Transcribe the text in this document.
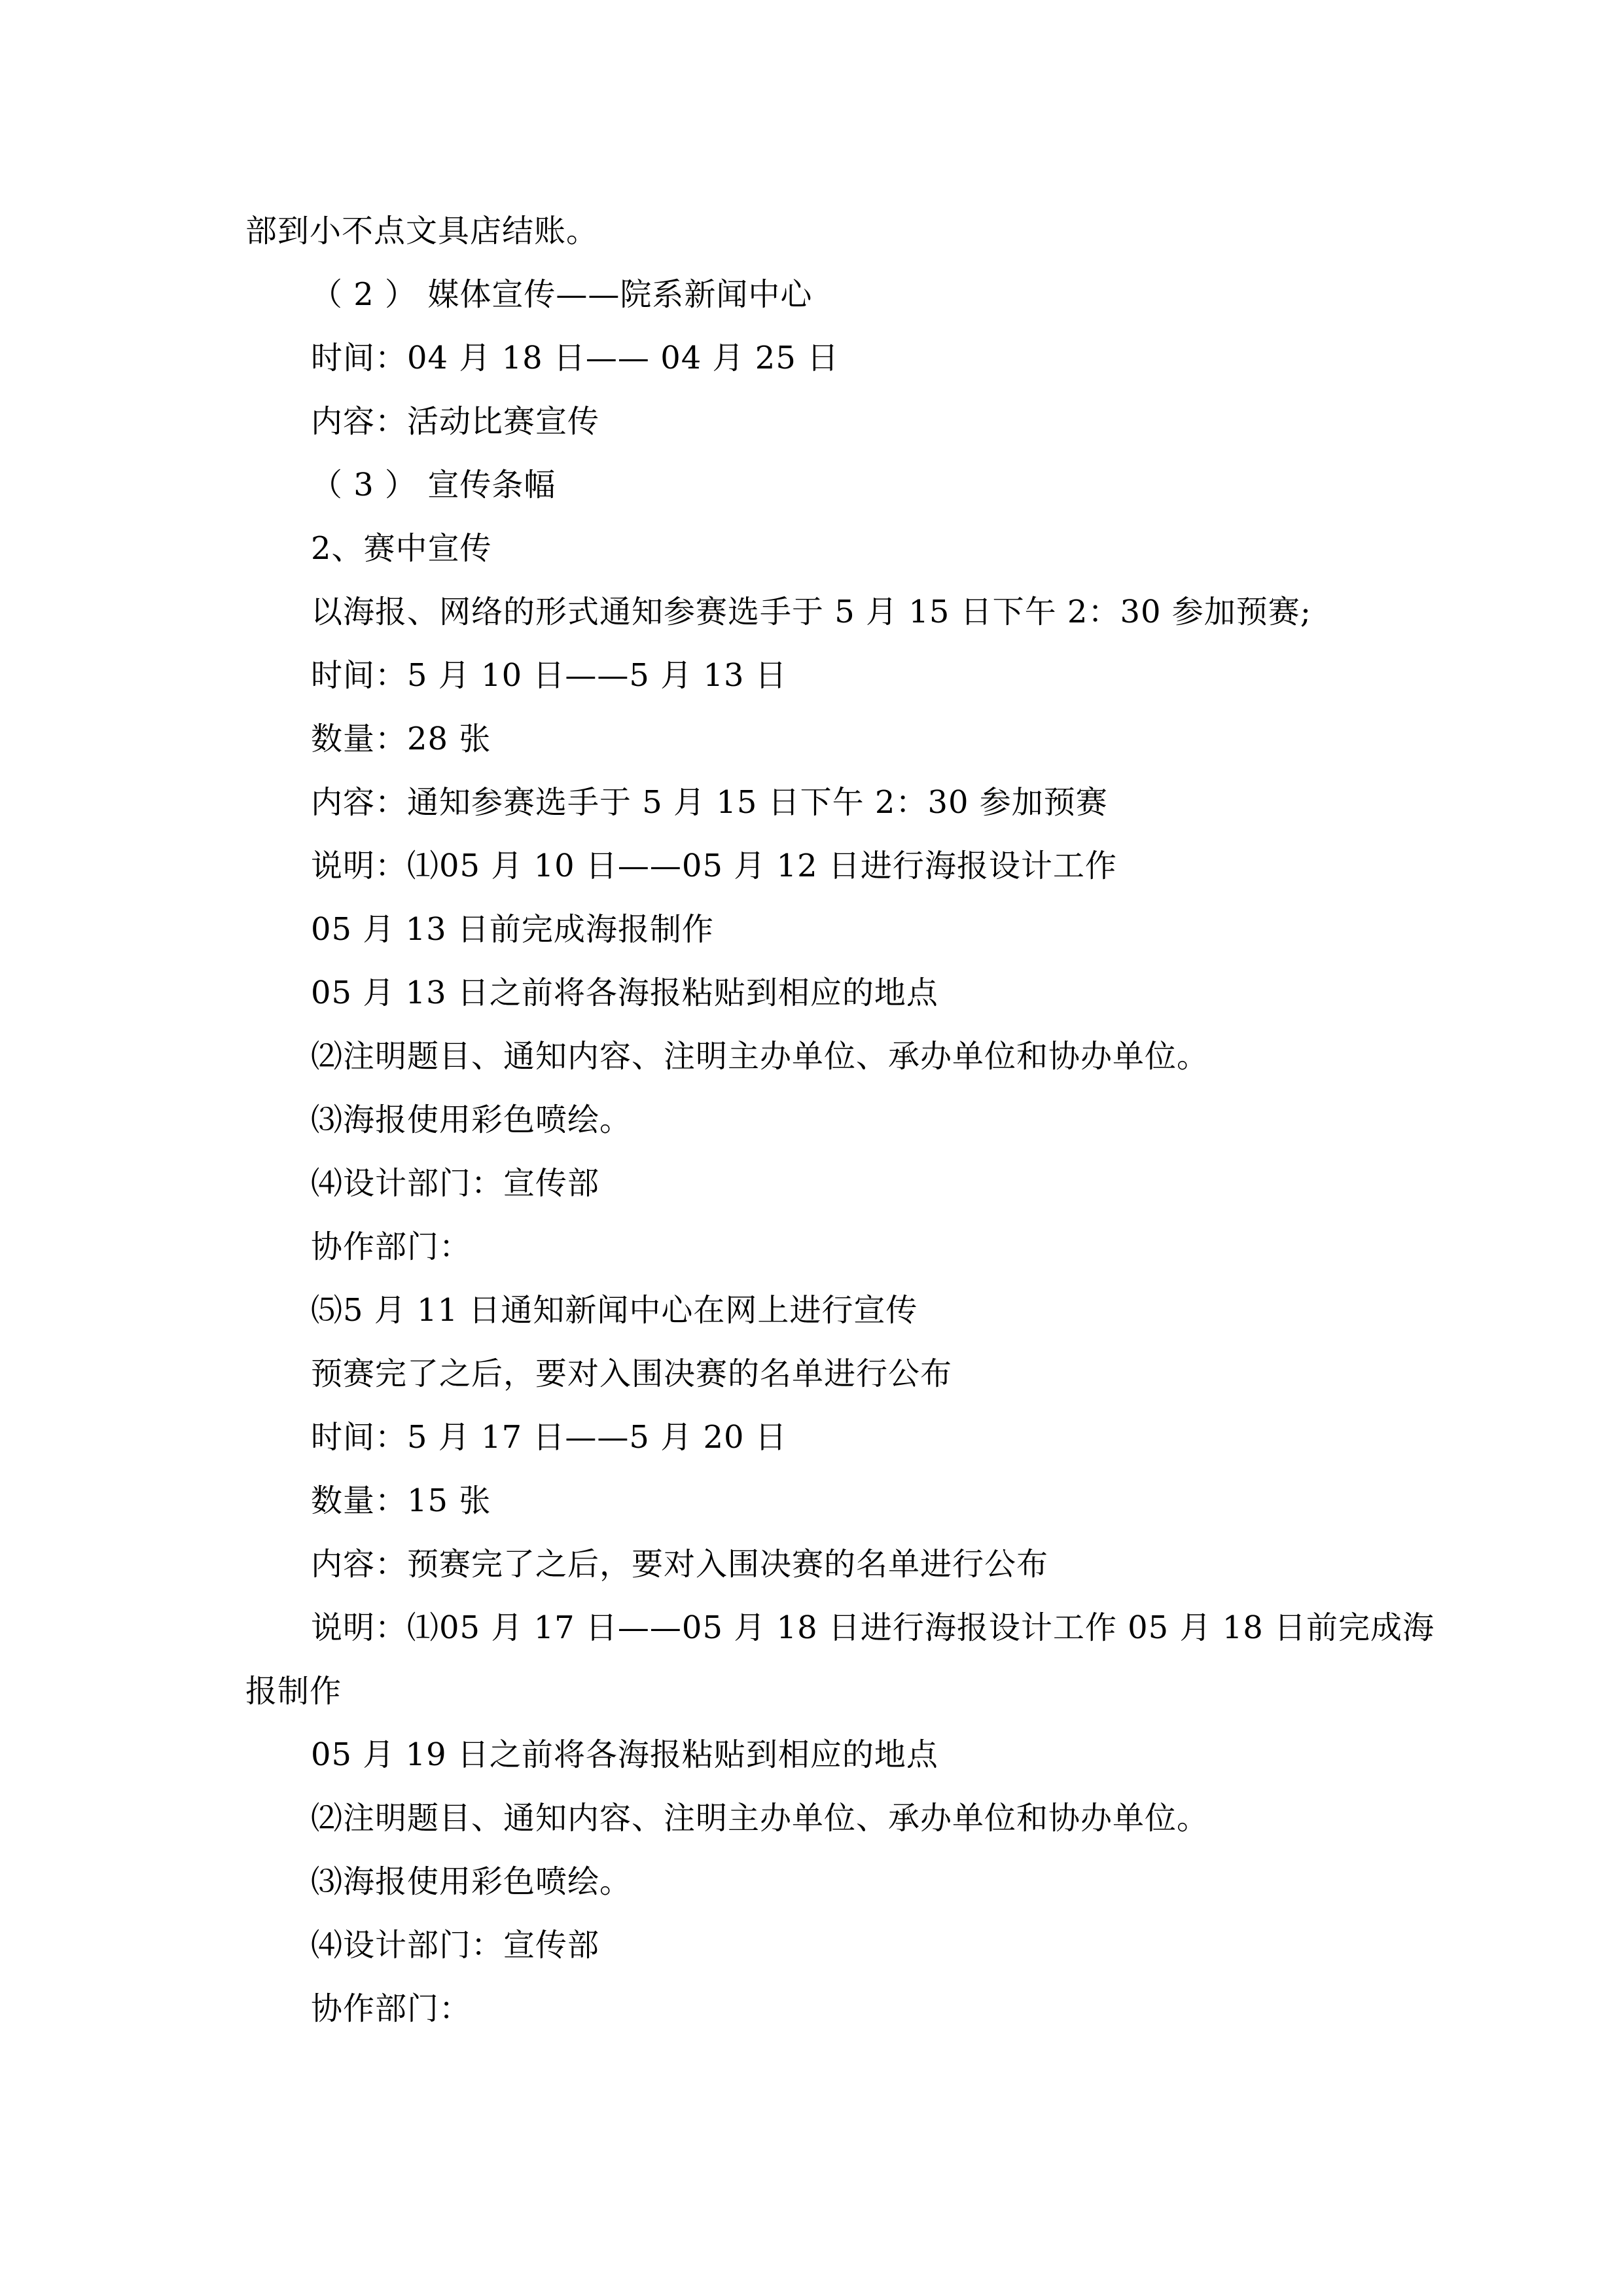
部到小不点文具店结账。
（ 2 ） 媒体宣传——院系新闻中心
时间：04 月 18 日—— 04 月 25 日
内容：活动比赛宣传
（ 3 ） 宣传条幅
2、赛中宣传
以海报、网络的形式通知参赛选手于 5 月 15 日下午 2：30 参加预赛;
时间：5 月 10 日——5 月 13 日
数量：28 张
内容：通知参赛选手于 5 月 15 日下午 2：30 参加预赛
说明：⑴05 月 10 日——05 月 12 日进行海报设计工作
05 月 13 日前完成海报制作
05 月 13 日之前将各海报粘贴到相应的地点
⑵注明题目、通知内容、注明主办单位、承办单位和协办单位。
⑶海报使用彩色喷绘。
⑷设计部门：宣传部
协作部门：
⑸5 月 11 日通知新闻中心在网上进行宣传
预赛完了之后，要对入围决赛的名单进行公布
时间：5 月 17 日——5 月 20 日
数量：15 张
内容：预赛完了之后，要对入围决赛的名单进行公布
说明：⑴05 月 17 日——05 月 18 日进行海报设计工作 05 月 18 日前完成海
报制作
05 月 19 日之前将各海报粘贴到相应的地点
⑵注明题目、通知内容、注明主办单位、承办单位和协办单位。
⑶海报使用彩色喷绘。
⑷设计部门：宣传部
协作部门：
